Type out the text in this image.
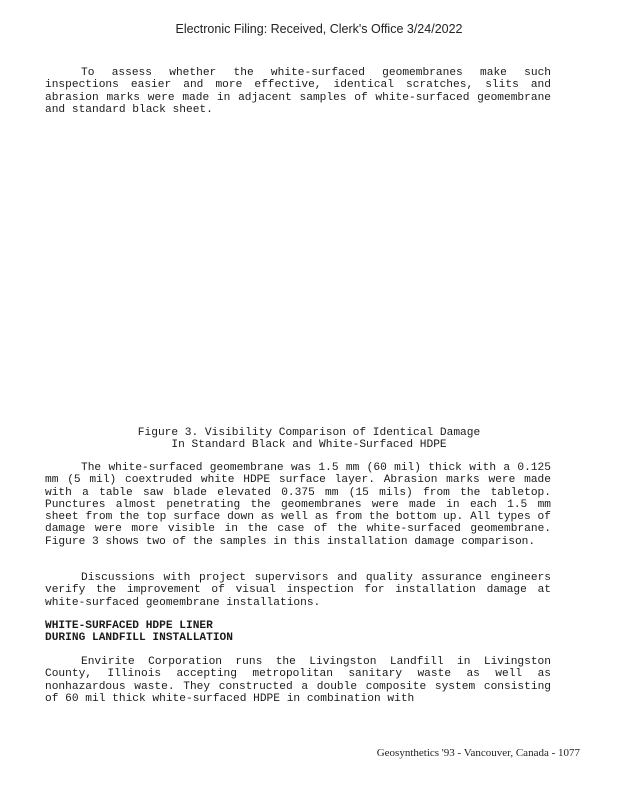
Electronic Filing: Received, Clerk's Office 3/24/2022

To assess whether the white-surfaced geomembranes make such inspections easier and more effective, identical scratches, slits and abrasion marks were made in adjacent samples of white-surfaced geomembrane and standard black sheet.

Figure 3. Visibility Comparison of Identical Damage
In Standard Black and White-Surfaced HDPE

The white-surfaced geomembrane was 1.5 mm (60 mil) thick with a 0.125 mm (5 mil) coextruded white HDPE surface layer. Abrasion marks were made with a table saw blade elevated 0.375 mm (15 mils) from the tabletop. Punctures almost penetrating the geomembranes were made in each 1.5 mm sheet from the top surface down as well as from the bottom up. All types of damage were more visible in the case of the white-surfaced geomembrane. Figure 3 shows two of the samples in this installation damage comparison.

Discussions with project supervisors and quality assurance engineers verify the improvement of visual inspection for installation damage at white-surfaced geomembrane installations.

WHITE-SURFACED HDPE LINER
DURING LANDFILL INSTALLATION

Envirite Corporation runs the Livingston Landfill in Livingston County, Illinois accepting metropolitan sanitary waste as well as nonhazardous waste. They constructed a double composite system consisting of 60 mil thick white-surfaced HDPE in combination with

Geosynthetics '93 - Vancouver, Canada - 1077
